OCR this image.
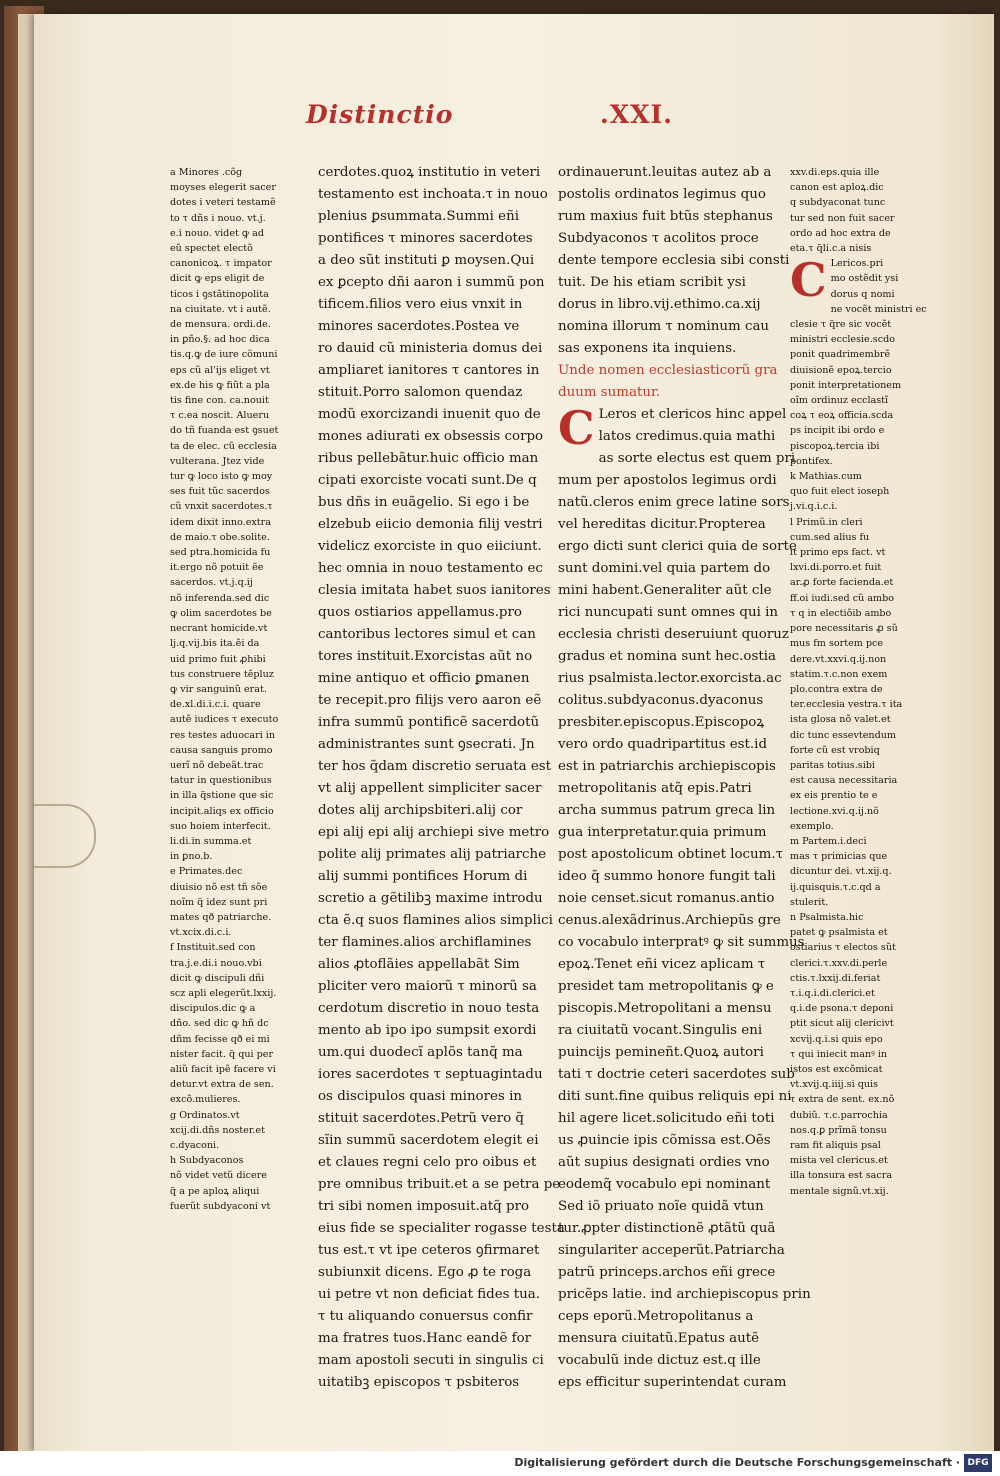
Distinctio	.XXI.
a Minores .cõg
moyses elegerit sacer
dotes i veteri testamẽ
to τ dñs i nouo. vt.j.
e.i nouo. videt ꝙ ad
eũ spectet electõ
canonicoꝝ. τ impator
dicit ꝙ eps eligit de
ticos i ꝯstãtinopolita
na ciuitate. vt i autẽ.
de mensura. ordi.de.
in ꝑño.§. ad hoc dica
tis.q.ꝙ de iure cõmuni
eps cũ al'ijs eliget vt
ex.de his ꝙ fiũt a pla
tis fine con. ca.nouit
τ c.ea noscit. Alueru
do tñ fuanda est ꝯsuet
ta de elec. cũ ecclesia
vulterana. Jtez vide
tur ꝙ loco isto ꝙ moy
ses fuit tũc sacerdos
cũ vnxit sacerdotes.τ
idem dixit inno.extra
de maio.τ obe.solite.
sed ptra.homicida fu
it.ergo nõ potuit ẽe
sacerdos. vt.j.q.ij
nõ inferenda.sed dic
ꝙ olim sacerdotes be
necrant homicide.vt
lj.q.vij.bis ita.ẽi da
uid primo fuit ꝓhibi
tus construere tẽpluz
ꝙ vir sanguinũ erat.
de.xl.di.i.c.i. quare
autẽ iudices τ executo
res testes aduocari in
causa sanguis promo
uerĩ nõ debeãt.trac
tatur in questionibus
in illa q̃stione que sic
incipit.aliqs ex officio
suo hoiem interfecit.
li.di.in summa.et
in ꝑno.b.
e Primates.dec
diuisio nõ est tñ sõe
noĩm q̃ idez sunt pri
mates qð patriarche.
vt.xcix.di.c.i.
f Instituit.sed con
tra.j.e.di.i nouo.vbi
dicit ꝙ discipuli dñi
scz apli elegerũt.lxxij.
discipulos.dic ꝙ a
dño. sed dic ꝙ hñ dc
dñm fecisse qð ei mi
nister facit. q̃ qui per
aliũ facit ipẽ facere vi
detur.vt extra de sen.
excõ.mulieres.
g Ordinatos.vt
xcij.di.dñs noster.et
c.dyaconi.
h Subdyaconos
nõ videt vetũ dicere
q̃ a pe aploꝝ aliqui
fuerũt subdyaconi vt
cerdotes.quoꝝ institutio in veteri
testamento est inchoata.τ in nouo
plenius ꝑsummata.Summi eñi
pontifices τ minores sacerdotes
a deo sũt instituti ꝑ moysen.Qui
ex ꝑcepto dñi aaron i summũ pon
tificem.filios vero eius vnxit in
minores sacerdotes.Postea ve
ro dauid cũ ministeria domus dei
ampliaret ianitores τ cantores in
stituit.Porro salomon quendaz
modũ exorcizandi inuenit quo de
mones adiurati ex obsessis corpo
ribus pellebãtur.huic officio man
cipati exorciste vocati sunt.De q
bus dñs in euãgelio. Si ego i be
elzebub eiicio demonia filij vestri
videlicz exorciste in quo eiiciunt.
hec omnia in nouo testamento ec
clesia imitata habet suos ianitores
quos ostiarios appellamus.pro
cantoribus lectores simul et can
tores instituit.Exorcistas aũt no
mine antiquo et officio ꝑmanen
te recepit.pro filijs vero aaron eẽ
infra summũ pontificẽ sacerdotũ
administrantes sunt ꝯsecrati. Jn
ter hos q̃dam discretio seruata est
vt alij appellent simpliciter sacer
dotes alij archipsbiteri.alij cor
epi alij epi alij archiepi sive metro
polite alij primates alij patriarche
alij summi pontifices Horum di
scretio a gẽtilibꝫ maxime introdu
cta ẽ.q suos flamines alios simplici
ter flamines.alios archiflamines
alios ꝓtoflãies appellabãt Sim
pliciter vero maiorũ τ minorũ sa
cerdotum discretio in nouo testa
mento ab ipo ipo sumpsit exordi
um.qui duodecĩ aplõs tanq̃ ma
iores sacerdotes τ septuagintadu
os discipulos quasi minores in
stituit sacerdotes.Petrũ vero q̃
sĩin summũ sacerdotem elegit ei
et claues regni celo pro oibus et
pre omnibus tribuit.et a se petra pe
tri sibi nomen imposuit.atq̃ pro
eius fide se specialiter rogasse testa
tus est.τ vt ipe ceteros ꝯfirmaret
subiunxit dicens. Ego ꝓ te roga
ui petre vt non deficiat fides tua.
τ tu aliquando conuersus confir
ma fratres tuos.Hanc eandẽ for
mam apostoli secuti in singulis ci
uitatibꝫ episcopos τ psbiteros
ordinauerunt.leuitas autez ab a
postolis ordinatos legimus quo
rum maxius fuit btũs stephanus
Subdyaconos τ acolitos proce
dente tempore ecclesia sibi consti
tuit. De his etiam scribit ysi
dorus in libro.vij.ethimo.ca.xij
nomina illorum τ nominum cau
sas exponens ita inquiens.
Unde nomen ecclesiasticorũ gra
duum sumatur.
C Leros et clericos hinc appel
latos credimus.quia mathi
as sorte electus est quem pri
mum per apostolos legimus ordi
natũ.cleros enim grece latine sors
vel hereditas dicitur.Propterea
ergo dicti sunt clerici quia de sorte
sunt domini.vel quia partem do
mini habent.Generaliter aũt cle
rici nuncupati sunt omnes qui in
ecclesia christi deseruiunt quoruz
gradus et nomina sunt hec.ostia
rius psalmista.lector.exorcista.ac
colitus.subdyaconus.dyaconus
presbiter.episcopus.Episcopoꝝ
vero ordo quadripartitus est.id
est in patriarchis archiepiscopis
metropolitanis atq̃ epis.Patri
archa summus patrum greca lin
gua interpretatur.quia primum
post apostolicum obtinet locum.τ
ideo q̃ summo honore fungit tali
noie censet.sicut romanus.antio
cenus.alexãdrinus.Archiepũs gre
co vocabulo interpratꝰ ꝙ sit summus
epoꝝ.Tenet eñi vicez aplicam τ
presidet tam metropolitanis ꝙ e
piscopis.Metropolitani a mensu
ra ciuitatũ vocant.Singulis eni
puincijs pemineñt.Quoꝝ autori
tati τ doctrie ceteri sacerdotes sub
diti sunt.fine quibus reliquis epi ni
hil agere licet.solicitudo eñi toti
us ꝓuincie ipis cõmissa est.Oẽs
aũt supius designati ordies vno
eodemq̃ vocabulo epi nominant
Sed iõ priuato noĩe quidã vtun
tur.ꝓpter distinctionẽ ꝓtãtũ quã
singulariter acceperũt.Patriarcha
patrũ princeps.archos eñi grece
pricẽps latie. ind archiepiscopus prin
ceps eporũ.Metropolitanus a
mensura ciuitatũ.Epatus autẽ
vocabulũ inde dictuz est.q ille
eps efficitur superintendat curam
xxv.di.eps.quia ille
canon est aploꝝ.dic
q subdyaconat tunc
tur sed non fuit sacer
ordo ad hoc extra de
eta.τ q̃li.c.a nisis
C Lericos.pri
mo ostẽdit ysi
dorus q nomi
ne vocẽt ministri ec
clesie τ q̃re sic vocẽt
ministri ecclesie.scdo
ponit quadrimembrẽ
diuisionẽ epoꝝ.tercio
ponit interpretationem
oĩm ordinuz ecclastĩ
coꝝ τ eoꝝ officia.scda
ps incipit ibi ordo e
piscopoꝝ.tercia ibi
pontifex.
k Mathias.cum
quo fuit elect ioseph
j.vi.q.i.c.i.
l Primũ.in cleri
cum.sed alius fu
it primo eps fact. vt
lxvi.di.porro.et fuit
ar.ꝓ forte facienda.et
ff.oi iudi.sed cũ ambo
τ q in electiõib ambo
pore necessitaris ꝓ sũ
mus fm sortem pce
dere.vt.xxvi.q.ij.non
statim.τ.c.non exem
plo.contra extra de
ter.ecclesia vestra.τ ita
ista glosa nõ valet.et
dic tunc essevtendum
forte cũ est vrobiq
paritas totius.sibi
est causa necessitaria
ex eis prentio te e
lectione.xvi.q.ij.nõ
exemplo.
m Partem.i.deci
mas τ primicias que
dicuntur dei. vt.xij.q.
ij.quisquis.τ.c.qd a
stulerit.
n Psalmista.hic
patet ꝙ psalmista et
ostiarius τ electos sũt
clerici.τ.xxv.di.perle
ctis.τ.lxxij.di.feriat
τ.i.q.i.di.clerici.et
q.i.de psona.τ deponi
ptit sicut alij clericivt
xcvij.q.i.si quis epo
τ qui iniecit manꝰ in
istos est excõmicat
vt.xvij.q.iiij.si quis
τ extra de sent. ex.nõ
dubiũ. τ.c.parrochia
nos.q.ꝑ prĩmã tonsu
ram fit aliquis psal
mista vel clericus.et
illa tonsura est sacra
mentale signũ.vt.xij.
Digitalisierung gefördert durch die Deutsche Forschungsgemeinschaft · DFG
